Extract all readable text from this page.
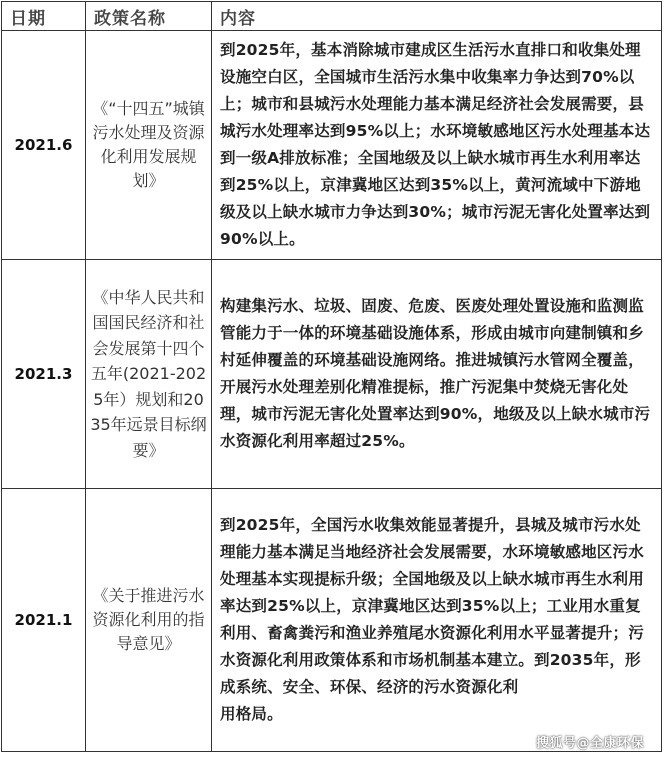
日期	政策名称	内容
2021.6	《“十四五”城镇污水处理及资源化利用发展规划》	到2025年，基本消除城市建成区生活污水直排口和收集处理设施空白区，全国城市生活污水集中收集率力争达到70%以上；城市和县城污水处理能力基本满足经济社会发展需要，县城污水处理率达到95%以上；水环境敏感地区污水处理基本达到一级A排放标准；全国地级及以上缺水城市再生水利用率达到25%以上，京津冀地区达到35%以上，黄河流域中下游地级及以上缺水城市力争达到30%；城市污泥无害化处置率达到90%以上。
2021.3	《中华人民共和国国民经济和社会发展第十四个五年(2021-2025年）规划和2035年远景目标纲要》	构建集污水、垃圾、固废、危废、医废处理处置设施和监测监管能力于一体的环境基础设施体系，形成由城市向建制镇和乡村延伸覆盖的环境基础设施网络。推进城镇污水管网全覆盖，开展污水处理差别化精准提标，推广污泥集中焚烧无害化处理，城市污泥无害化处置率达到90%，地级及以上缺水城市污水资源化利用率超过25%。
2021.1	《关于推进污水资源化利用的指导意见》	到2025年，全国污水收集效能显著提升，县城及城市污水处理能力基本满足当地经济社会发展需要，水环境敏感地区污水处理基本实现提标升级；全国地级及以上缺水城市再生水利用率达到25%以上，京津冀地区达到35%以上；工业用水重复利用、畜禽粪污和渔业养殖尾水资源化利用水平显著提升；污水资源化利用政策体系和市场机制基本建立。到2035年，形成系统、安全、环保、经济的污水资源化利
用格局。
搜狐号@全康环保
